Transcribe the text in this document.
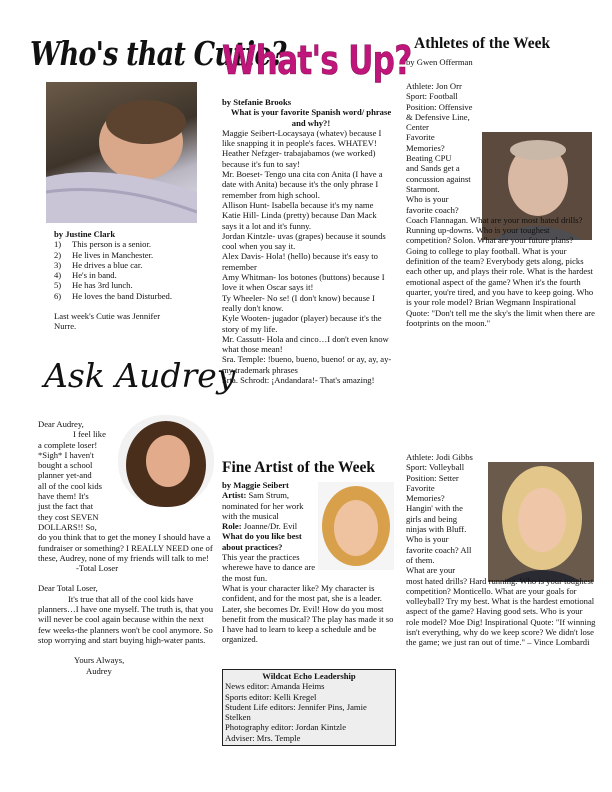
Who's that Cutie?

by Justine Clark

1)	This person is a senior.
2)	He lives in Manchester.
3)	He drives a blue car.
4)	He's in band.
5)	He has 3rd lunch.
6)	He loves the band Disturbed.

Last week's Cutie was Jennifer Nurre.

Ask Audrey

Dear Audrey,

I feel like

a complete loser!

*Sigh* I haven't

bought a school

planner yet-and

all of the cool kids

have them! It's

just the fact that

they cost SEVEN

DOLLARS!! So,

do you think that to get the money I should have a fundraiser or something? I REALLY NEED one of these, Audrey, none of my friends will talk to me!

-Total Loser

Dear Total Loser,

It's true that all of the cool kids have planners…I have one myself. The truth is, that you will never be cool again because within the next few weeks-the planners won't be cool anymore. So stop worrying and start buying high-water pants.

Yours Always,

Audrey

What's Up?

by Stefanie Brooks

What is your favorite Spanish word/ phrase and why?!

Maggie Seibert-Locaysaya (whatev) because I like snapping it in people's faces. WHATEV!

Heather Nefzger- trabajabamos (we worked) because it's fun to say!

Mr. Boeset- Tengo una cita con Anita (I have a date with Anita) because it's the only phrase I remember from high school.

Allison Hunt- Isabella because it's my name

Katie Hill- Linda (pretty) because Dan Mack says it a lot and it's funny.

Jordan Kintzle- uvas (grapes) because it sounds cool when you say it.

Alex Davis- Hola! (hello) because it's easy to remember

Amy Whitman- los botones (buttons) because I love it when Oscar says it!

Ty Wheeler- No se! (I don't know) because I really don't know.

Kyle Wooten- jugador (player) because it's the story of my life.

Mr. Cassutt- Hola and cinco…I don't even know what those mean!

Sra. Temple: !bueno, bueno, bueno! or ay, ay, ay- my trademark phrases

Srta. Schrodt: ¡Andandara!- That's amazing!

Fine Artist of the Week

by Maggie Seibert

Artist: Sam Strum, nominated for her work with the musical

Role: Joanne/Dr. Evil

What do you like best about practices?

This year the practices wherewe have to dance are the most fun.

What is your character like? My character is confident, and for the most pat, she is a leader. Later, she becomes Dr. Evil! How do you most benefit from the musical? The play has made it so I have had to learn to keep a schedule and be organized.

Wildcat Echo Leadership

News editor: Amanda Heims

Sports editor: Kelli Kregel

Student Life editors: Jennifer Pins, Jamie Stelken

Photography editor: Jordan Kintzle

Adviser: Mrs. Temple

Athletes of the Week

by Gwen Offerman

Athlete: Jon Orr

Sport: Football

Position: Offensive

& Defensive Line,

Center

Favorite

Memories?

Beating CPU

and Sands get a

concussion against

Starmont.

Who is your

favorite coach?

Coach Flannagan. What are your most hated drills? Running up-downs. Who is your toughest competition? Solon. What are your future plans? Going to college to play football. What is your definition of the team? Everybody gets along, picks each other up, and plays their role. What is the hardest emotional aspect of the game? When it's the fourth quarter, you're tired, and you have to keep going. Who is your role model? Brian Wegmann Inspirational Quote: "Don't tell me the sky's the limit when there are footprints on the moon."

Athlete: Jodi Gibbs

Sport: Volleyball

Position: Setter

Favorite

Memories?

Hangin' with the

girls and being

ninjas with Bluff.

Who is your

favorite coach? All

of them.

What are your

most hated drills? Hard running. Who is your toughest competition? Monticello. What are your goals for volleyball? Try my best. What is the hardest emotional aspect of the game? Having good sets. Who is your role model? Moe Dig! Inspirational Quote: "If winning isn't everything, why do we keep score? We didn't lose the game; we just ran out of time." – Vince Lombardi
